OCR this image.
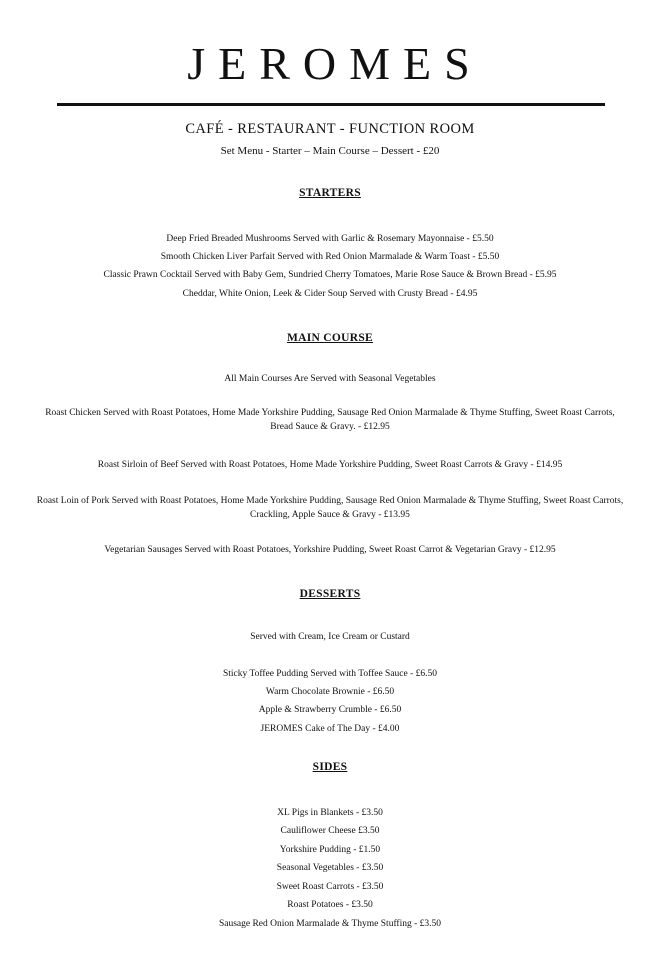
JEROMES
CAFÉ - RESTAURANT - FUNCTION ROOM
Set Menu - Starter – Main Course – Dessert - £20
STARTERS
Deep Fried Breaded Mushrooms Served with Garlic & Rosemary Mayonnaise - £5.50
Smooth Chicken Liver Parfait Served with Red Onion Marmalade & Warm Toast - £5.50
Classic Prawn Cocktail Served with Baby Gem, Sundried Cherry Tomatoes, Marie Rose Sauce & Brown Bread - £5.95
Cheddar, White Onion, Leek & Cider Soup Served with Crusty Bread - £4.95
MAIN COURSE
All Main Courses Are Served with Seasonal Vegetables
Roast Chicken Served with Roast Potatoes, Home Made Yorkshire Pudding, Sausage Red Onion Marmalade & Thyme Stuffing, Sweet Roast Carrots, Bread Sauce & Gravy. - £12.95
Roast Sirloin of Beef Served with Roast Potatoes, Home Made Yorkshire Pudding, Sweet Roast Carrots & Gravy - £14.95
Roast Loin of Pork Served with Roast Potatoes, Home Made Yorkshire Pudding, Sausage Red Onion Marmalade & Thyme Stuffing, Sweet Roast Carrots, Crackling, Apple Sauce & Gravy - £13.95
Vegetarian Sausages Served with Roast Potatoes, Yorkshire Pudding, Sweet Roast Carrot & Vegetarian Gravy - £12.95
DESSERTS
Served with Cream, Ice Cream or Custard
Sticky Toffee Pudding Served with Toffee Sauce - £6.50
Warm Chocolate Brownie - £6.50
Apple & Strawberry Crumble - £6.50
JEROMES Cake of The Day - £4.00
SIDES
XL Pigs in Blankets - £3.50
Cauliflower Cheese £3.50
Yorkshire Pudding - £1.50
Seasonal Vegetables - £3.50
Sweet Roast Carrots - £3.50
Roast Potatoes - £3.50
Sausage Red Onion Marmalade & Thyme Stuffing - £3.50
